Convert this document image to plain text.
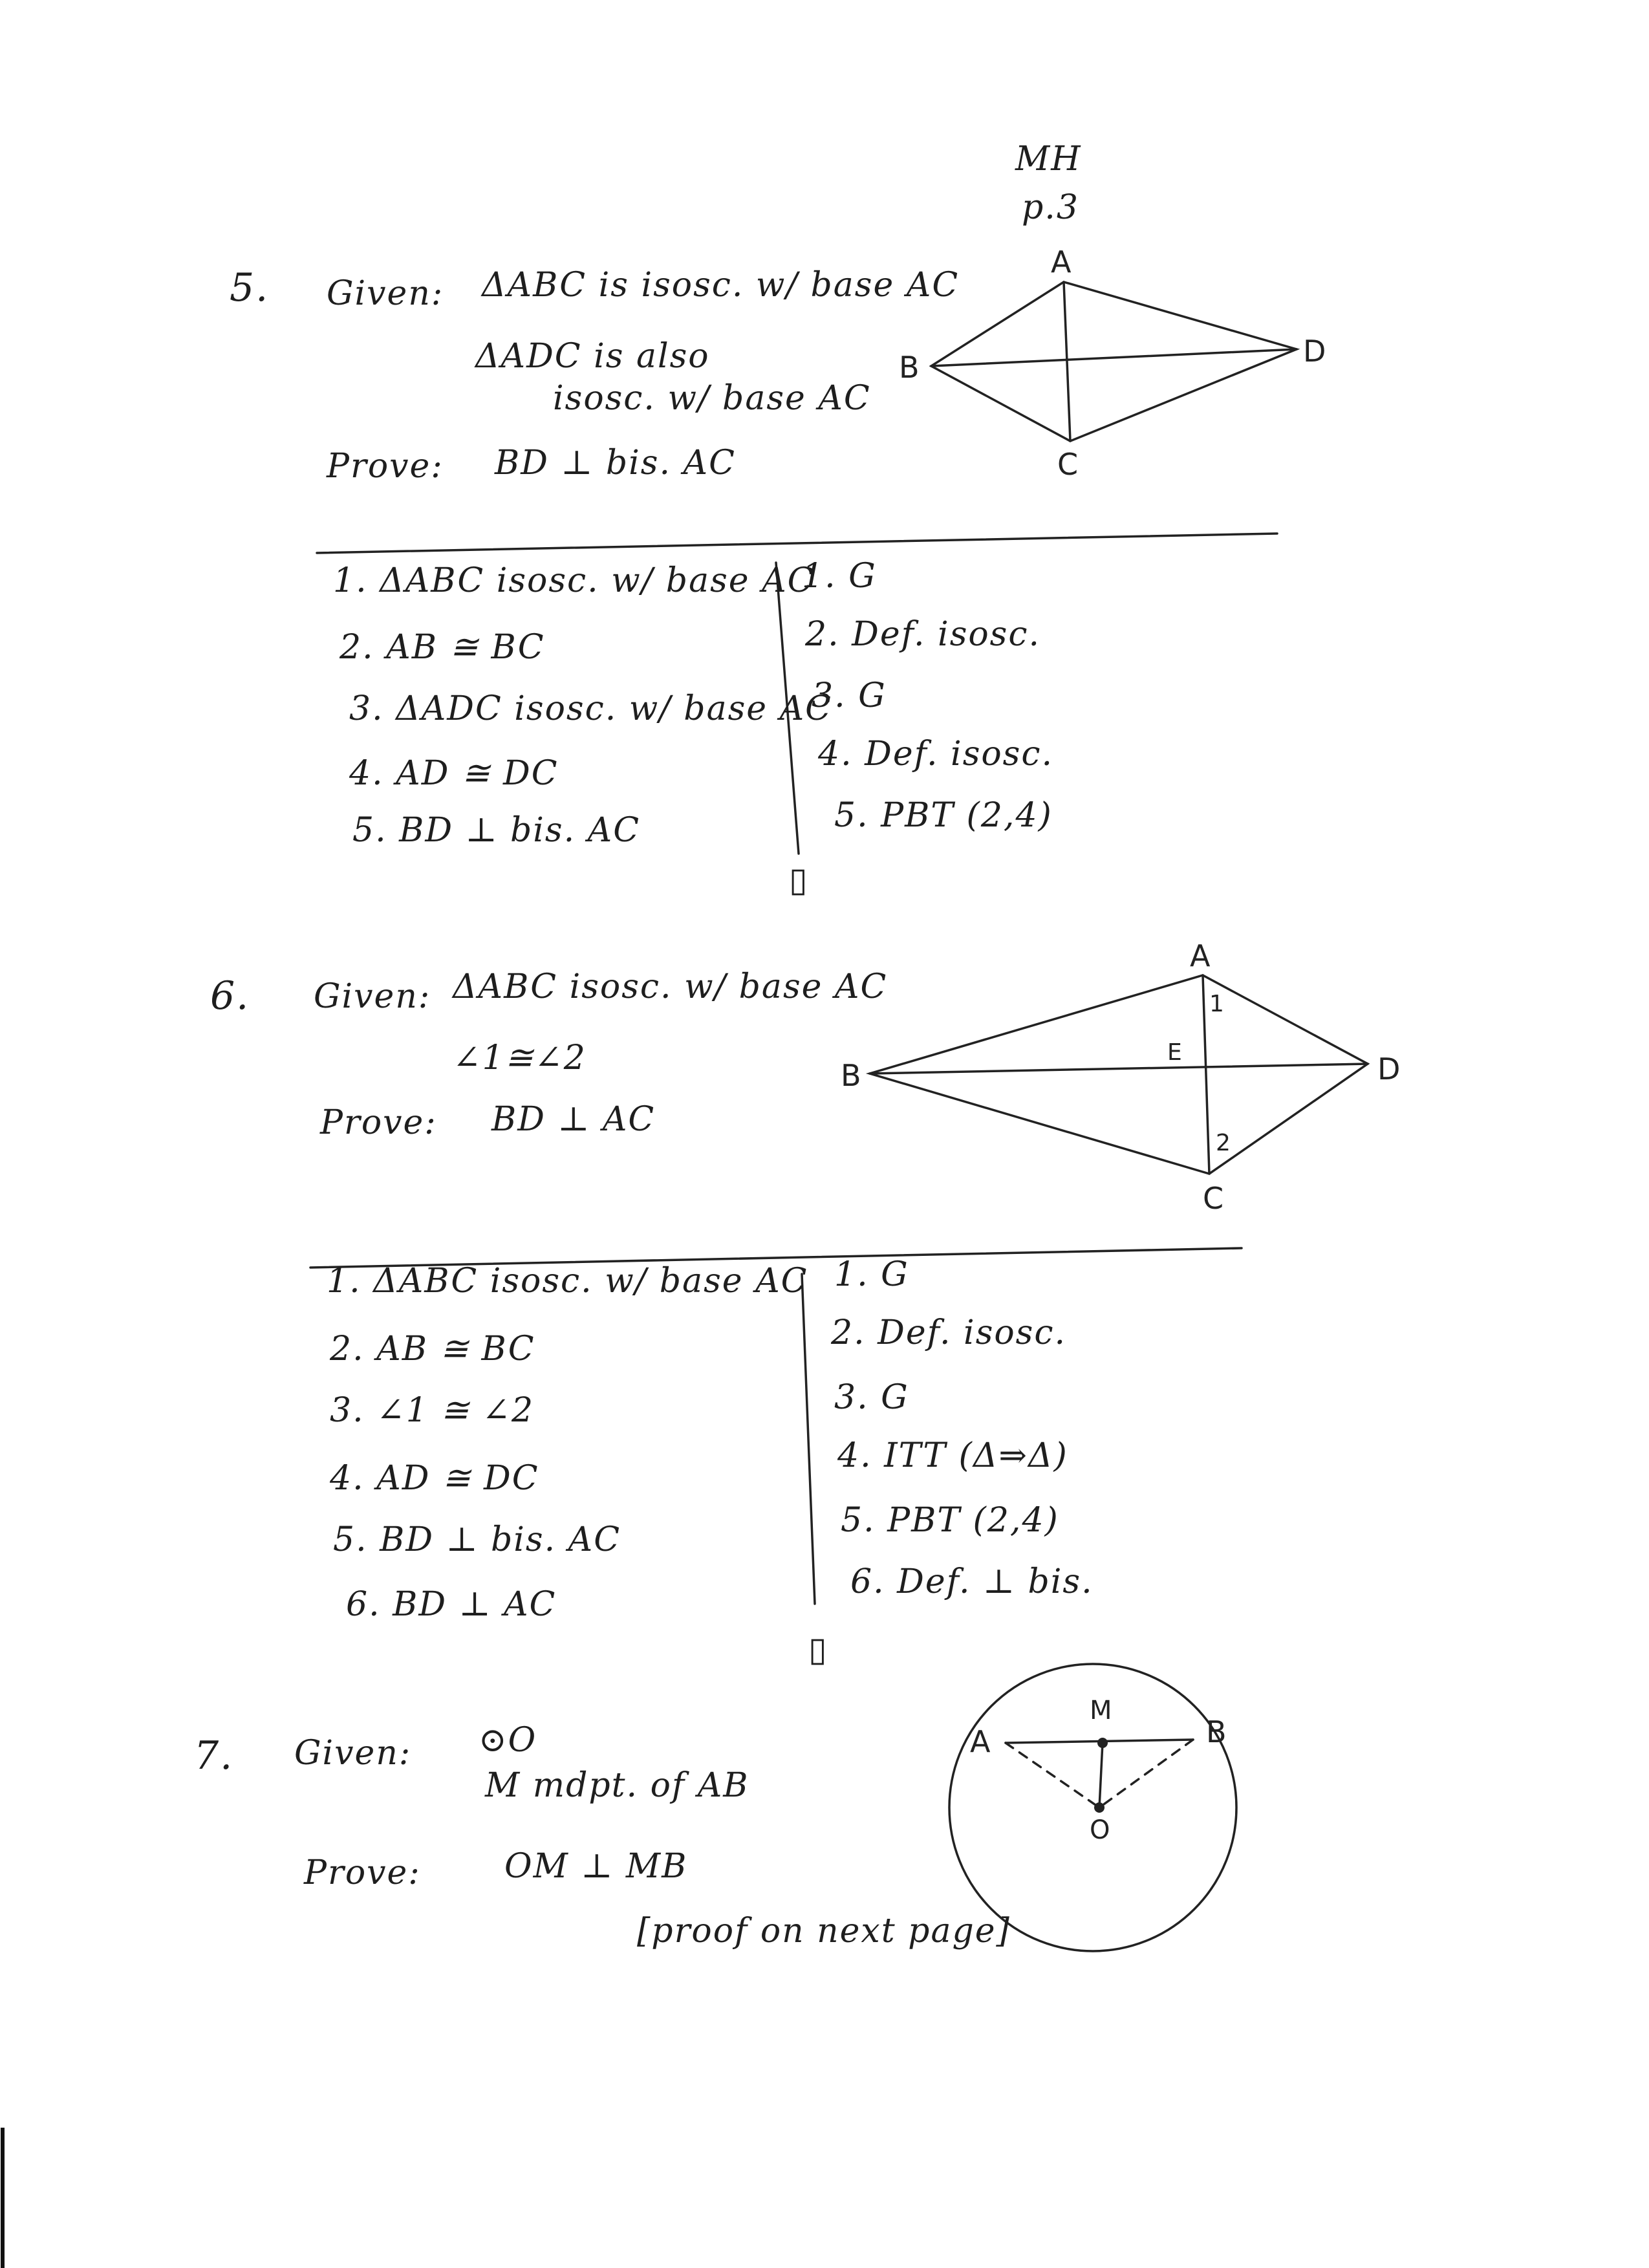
MH
p.3
5. Given: ΔABC is isosc. w/ base AC
ΔADC is also
isosc. w/ base AC
Prove: BD ⊥ bis. AC
A
B
C
D
1. ΔABC isosc. w/ base AC
2. AB ≅ BC
3. ΔADC isosc. w/ base AC
4. AD ≅ DC
5. BD ⊥ bis. AC
1. G
2. Def. isosc.
3. G
4. Def. isosc.
5. PBT (2,4)
▯
6. Given: ΔABC isosc. w/ base AC
∠1≅∠2
Prove: BD ⊥ AC
A
B
C
D
E
1
2
1. ΔABC isosc. w/ base AC
2. AB ≅ BC
3. ∠1 ≅ ∠2
4. AD ≅ DC
5. BD ⊥ bis. AC
6. BD ⊥ AC
1. G
2. Def. isosc.
3. G
4. ITT (Δ⇒Δ)
5. PBT (2,4)
6. Def. ⊥ bis.
▯
7. Given: ⊙O
M mdpt. of AB
Prove: OM ⊥ MB
[proof on next page]
A	B
M
O
